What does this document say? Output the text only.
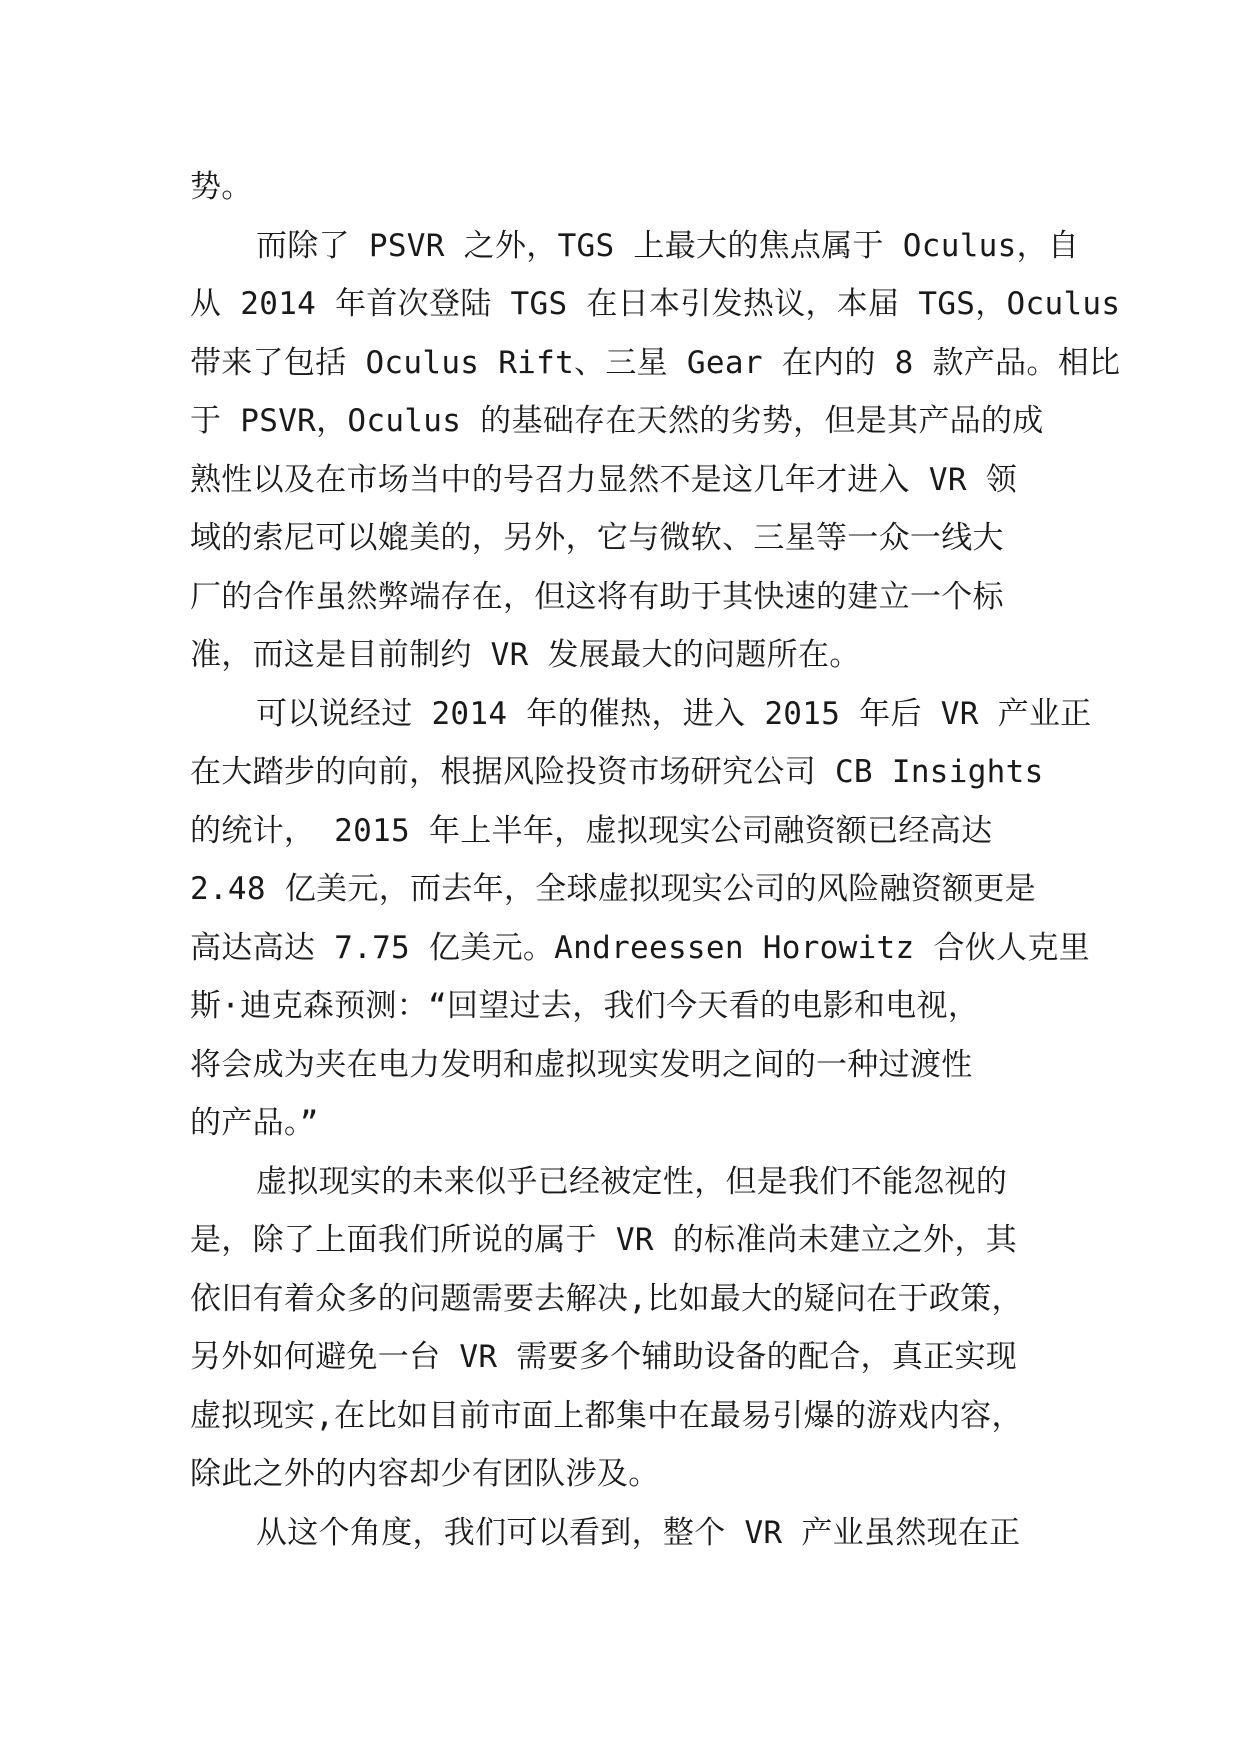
势。
而除了 PSVR 之外，TGS 上最大的焦点属于 Oculus，自
从 2014 年首次登陆 TGS 在日本引发热议，本届 TGS，Oculus
带来了包括 Oculus Rift、三星 Gear 在内的 8 款产品。相比
于 PSVR，Oculus 的基础存在天然的劣势，但是其产品的成
熟性以及在市场当中的号召力显然不是这几年才进入 VR 领
域的索尼可以媲美的，另外，它与微软、三星等一众一线大
厂的合作虽然弊端存在，但这将有助于其快速的建立一个标
准，而这是目前制约 VR 发展最大的问题所在。
可以说经过 2014 年的催热，进入 2015 年后 VR 产业正
在大踏步的向前，根据风险投资市场研究公司 CB Insights
的统计， 2015 年上半年，虚拟现实公司融资额已经高达
2.48 亿美元，而去年，全球虚拟现实公司的风险融资额更是
高达高达 7.75 亿美元。Andreessen Horowitz 合伙人克里
斯·迪克森预测：“回望过去，我们今天看的电影和电视，
将会成为夹在电力发明和虚拟现实发明之间的一种过渡性
的产品。”
虚拟现实的未来似乎已经被定性，但是我们不能忽视的
是，除了上面我们所说的属于 VR 的标准尚未建立之外，其
依旧有着众多的问题需要去解决,比如最大的疑问在于政策，
另外如何避免一台 VR 需要多个辅助设备的配合，真正实现
虚拟现实,在比如目前市面上都集中在最易引爆的游戏内容，
除此之外的内容却少有团队涉及。
从这个角度，我们可以看到，整个 VR 产业虽然现在正
